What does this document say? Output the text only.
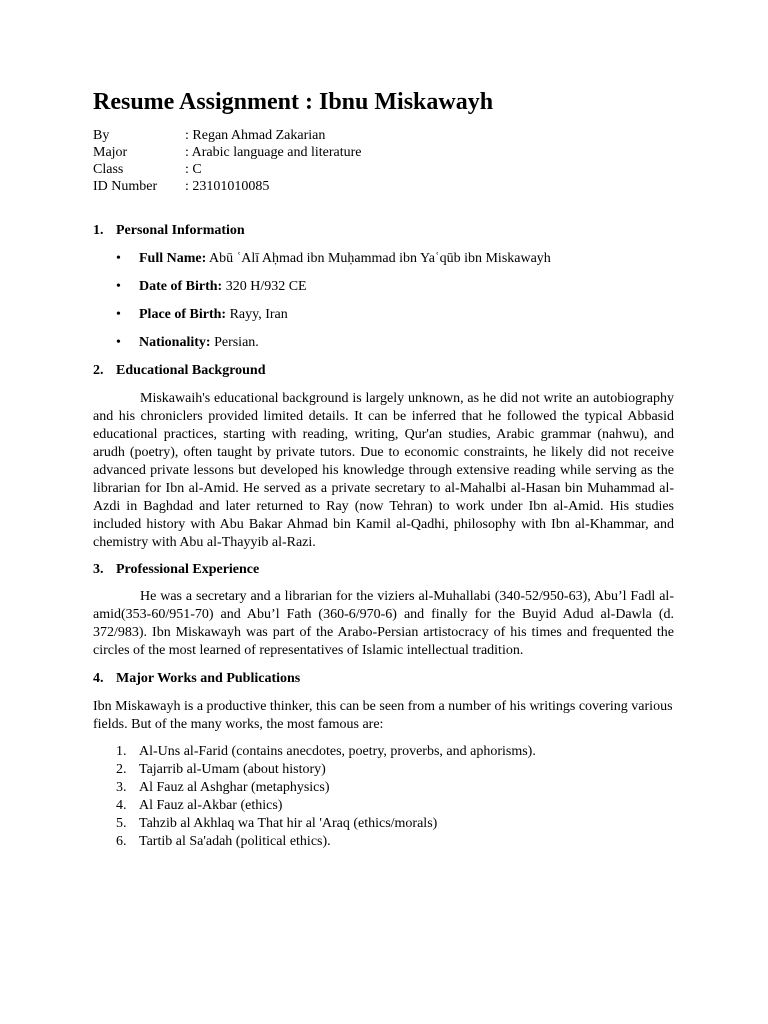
Resume Assignment : Ibnu Miskawayh
By	: Regan Ahmad Zakarian
Major	: Arabic language and literature
Class	: C
ID Number	: 23101010085
1. Personal Information
•	Full Name: Abū ʿAlī Aḥmad ibn Muḥammad ibn Yaʿqūb ibn Miskawayh
•	Date of Birth: 320 H/932 CE
•	Place of Birth: Rayy, Iran
•	Nationality: Persian.
2. Educational Background

Miskawaih's educational background is largely unknown, as he did not write an autobiography and his chroniclers provided limited details. It can be inferred that he followed the typical Abbasid educational practices, starting with reading, writing, Qur'an studies, Arabic grammar (nahwu), and arudh (poetry), often taught by private tutors. Due to economic constraints, he likely did not receive advanced private lessons but developed his knowledge through extensive reading while serving as the librarian for Ibn al-Amid. He served as a private secretary to al-Mahalbi al-Hasan bin Muhammad al-Azdi in Baghdad and later returned to Ray (now Tehran) to work under Ibn al-Amid. His studies included history with Abu Bakar Ahmad bin Kamil al-Qadhi, philosophy with Ibn al-Khammar, and chemistry with Abu al-Thayyib al-Razi.

3. Professional Experience

He was a secretary and a librarian for the viziers al-Muhallabi (340-52/950-63), Abu’l Fadl al-amid(353-60/951-70) and Abu’l Fath (360-6/970-6) and finally for the Buyid Adud al-Dawla (d. 372/983). Ibn Miskawayh was part of the Arabo-Persian artistocracy of his times and frequented the circles of the most learned of representatives of Islamic intellectual tradition.

4. Major Works and Publications

Ibn Miskawayh is a productive thinker, this can be seen from a number of his writings covering various fields. But of the many works, the most famous are:

1. Al-Uns al-Farid (contains anecdotes, poetry, proverbs, and aphorisms).
2. Tajarrib al-Umam (about history)
3. Al Fauz al Ashghar (metaphysics)
4. Al Fauz al-Akbar (ethics)
5. Tahzib al Akhlaq wa That hir al 'Araq (ethics/morals)
6. Tartib al Sa'adah (political ethics).
